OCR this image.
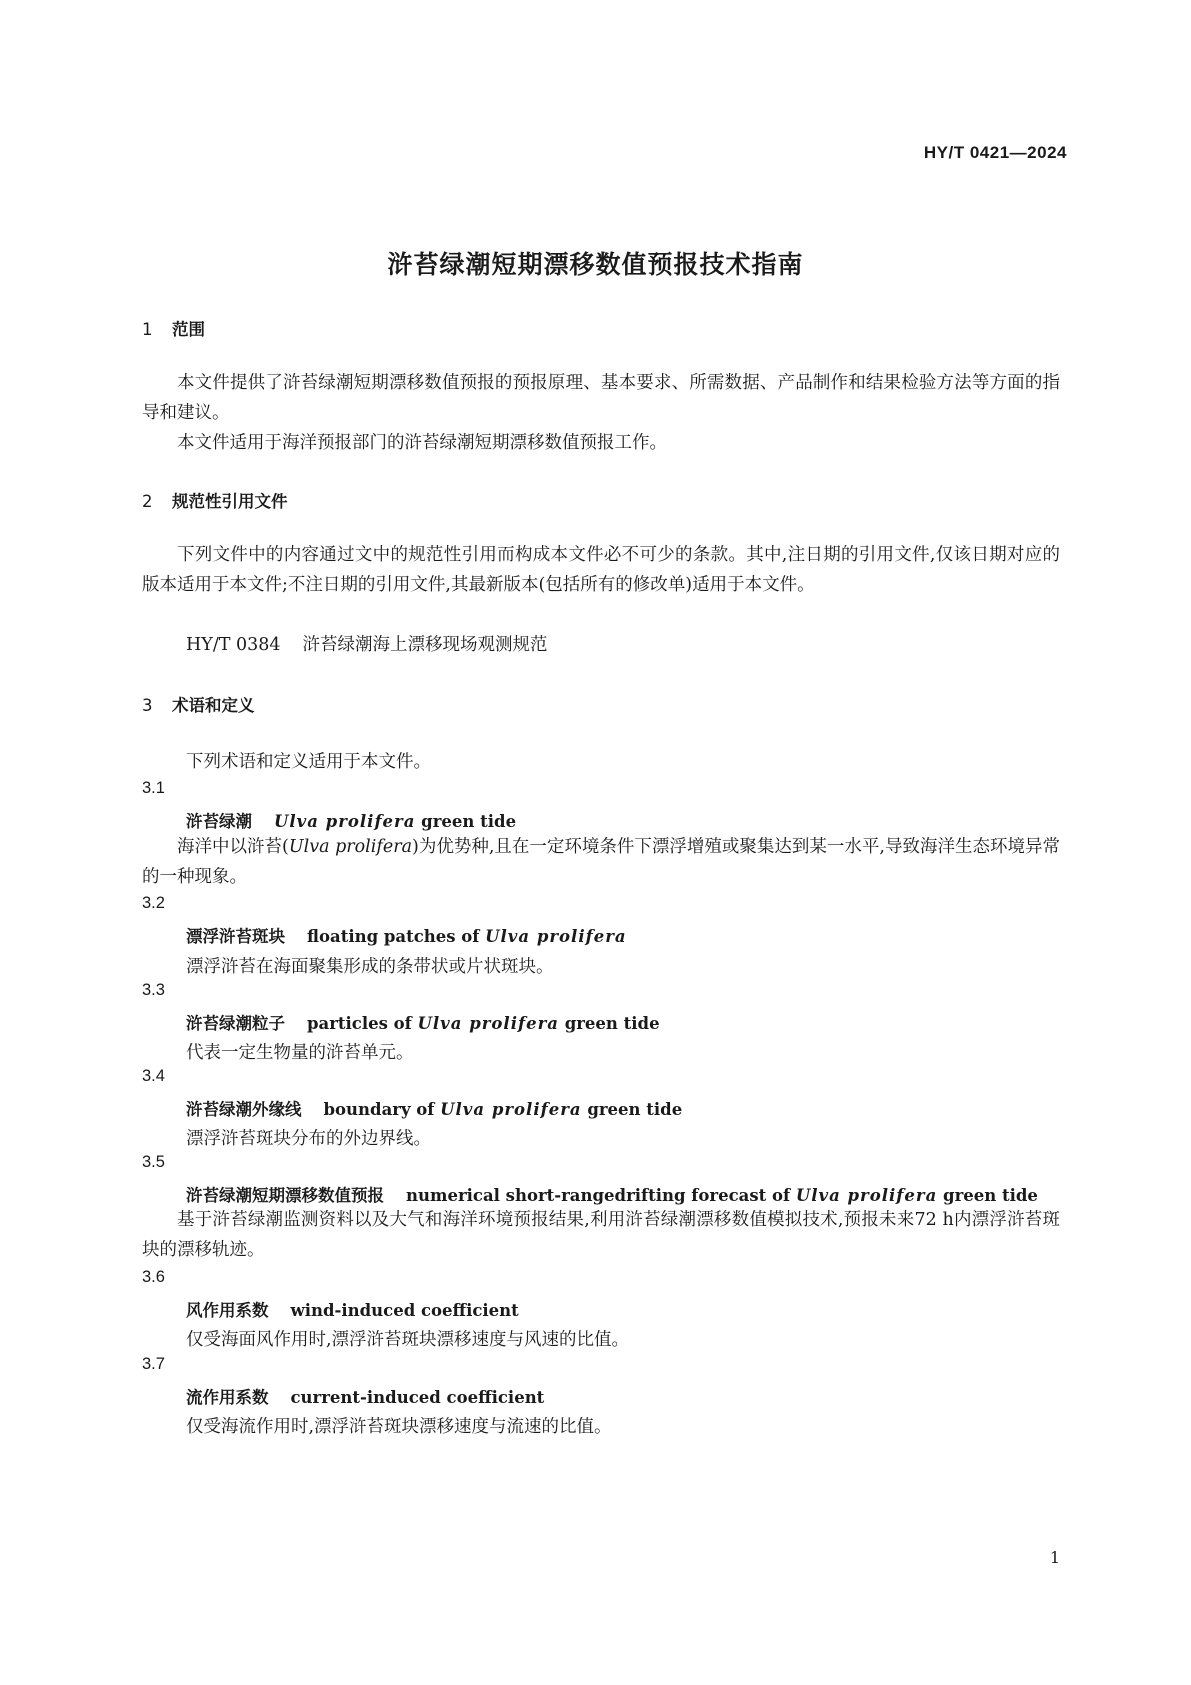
HY/T 0421—2024
浒苔绿潮短期漂移数值预报技术指南
1 范围
本文件提供了浒苔绿潮短期漂移数值预报的预报原理、基本要求、所需数据、产品制作和结果检验方法等方面的指导和建议。
本文件适用于海洋预报部门的浒苔绿潮短期漂移数值预报工作。
2 规范性引用文件
下列文件中的内容通过文中的规范性引用而构成本文件必不可少的条款。其中,注日期的引用文件,仅该日期对应的版本适用于本文件;不注日期的引用文件,其最新版本(包括所有的修改单)适用于本文件。
HY/T 0384 浒苔绿潮海上漂移现场观测规范
3 术语和定义
下列术语和定义适用于本文件。
3.1
浒苔绿潮 Ulva prolifera green tide
海洋中以浒苔(Ulva prolifera)为优势种,且在一定环境条件下漂浮增殖或聚集达到某一水平,导致海洋生态环境异常的一种现象。
3.2
漂浮浒苔斑块 floating patches of Ulva prolifera
漂浮浒苔在海面聚集形成的条带状或片状斑块。
3.3
浒苔绿潮粒子 particles of Ulva prolifera green tide
代表一定生物量的浒苔单元。
3.4
浒苔绿潮外缘线 boundary of Ulva prolifera green tide
漂浮浒苔斑块分布的外边界线。
3.5
浒苔绿潮短期漂移数值预报 numerical short-rangedrifting forecast of Ulva prolifera green tide
基于浒苔绿潮监测资料以及大气和海洋环境预报结果,利用浒苔绿潮漂移数值模拟技术,预报未来72 h内漂浮浒苔斑块的漂移轨迹。
3.6
风作用系数 wind-induced coefficient
仅受海面风作用时,漂浮浒苔斑块漂移速度与风速的比值。
3.7
流作用系数 current-induced coefficient
仅受海流作用时,漂浮浒苔斑块漂移速度与流速的比值。
1
